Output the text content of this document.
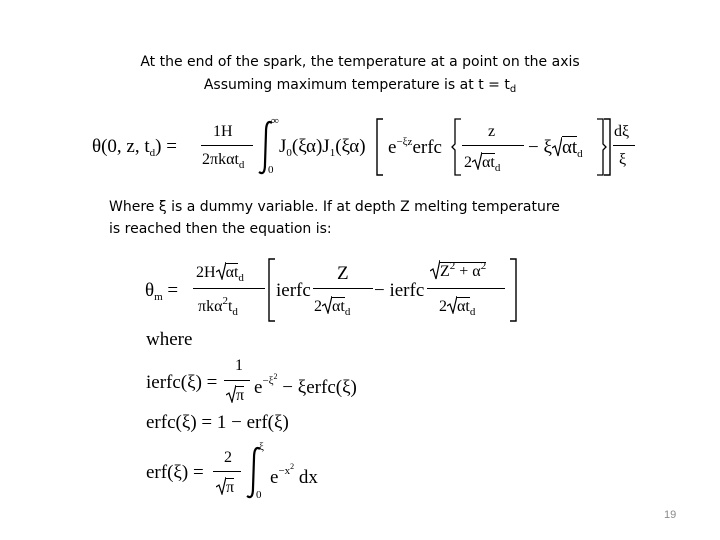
At the end of the spark, the temperature at a point on the axis
Assuming maximum temperature is at $t = t_d$
θ(0, z, $t_d$) =
1
2πkαt$_d$
H
∞
0
$J_0(\xi\alpha)J_1(\xi\alpha)$ $e^{-\xi z}erfc$
z
2 $\alpha t_d$
− ξ $\alpha t_d$
dξ
ξ
Where ξ is a dummy variable. If at depth Z melting temperature
is reached then the equation is:
$\theta_m$ =
2H $\alpha t_d$
$\pi k\alpha^2t_d$
ierfc
Z
2 $\alpha t_d$
− ierfc
$Z^2 + \alpha^2$
2 $\alpha t_d$
where
ierfc(ξ) =
1
π $e^{-\xi^2}$ − ξerfc(ξ)
erfc(ξ) = 1 − erf(ξ)
erf(ξ) =
2
π
ξ
0
$e^{-x^2}$ dx
19
